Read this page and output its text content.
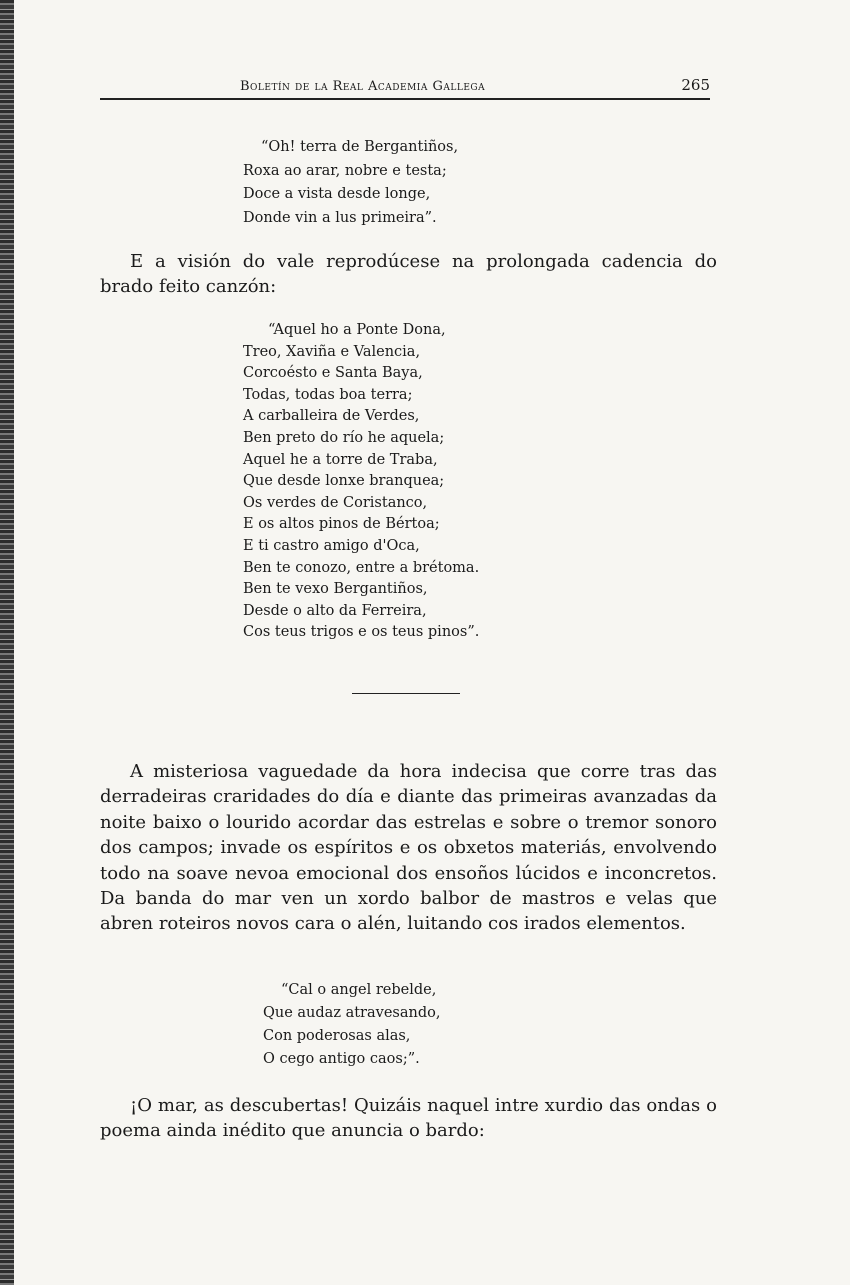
Boletín de la Real Academia Gallega	265
“Oh! terra de Bergantiños,
Roxa ao arar, nobre e testa;
Doce a vista desde longe,
Donde vin a lus primeira”.

E a visión do vale reprodúcese na prolongada cadencia do brado feito canzón:

“Aquel ho a Ponte Dona,
Treo, Xaviña e Valencia,
Corcoésto e Santa Baya,
Todas, todas boa terra;
A carballeira de Verdes,
Ben preto do río he aquela;
Aquel he a torre de Traba,
Que desde lonxe branquea;
Os verdes de Coristanco,
E os altos pinos de Bértoa;
E ti castro amigo d'Oca,
Ben te conozo, entre a brétoma.
Ben te vexo Bergantiños,
Desde o alto da Ferreira,
Cos teus trigos e os teus pinos”.

A misteriosa vaguedade da hora indecisa que corre tras das derradeiras craridades do día e diante das primeiras avanzadas da noite baixo o lourido acordar das estrelas e sobre o tremor sonoro dos campos; invade os espíritos e os obxetos materiás, envolvendo todo na soave nevoa emocional dos ensoños lúcidos e inconcretos. Da banda do mar ven un xordo balbor de mastros e velas que abren roteiros novos cara o alén, luitando cos irados elementos.

“Cal o angel rebelde,
Que audaz atravesando,
Con poderosas alas,
O cego antigo caos;”.

¡O mar, as descubertas! Quizáis naquel intre xurdio das ondas o poema ainda inédito que anuncia o bardo:
